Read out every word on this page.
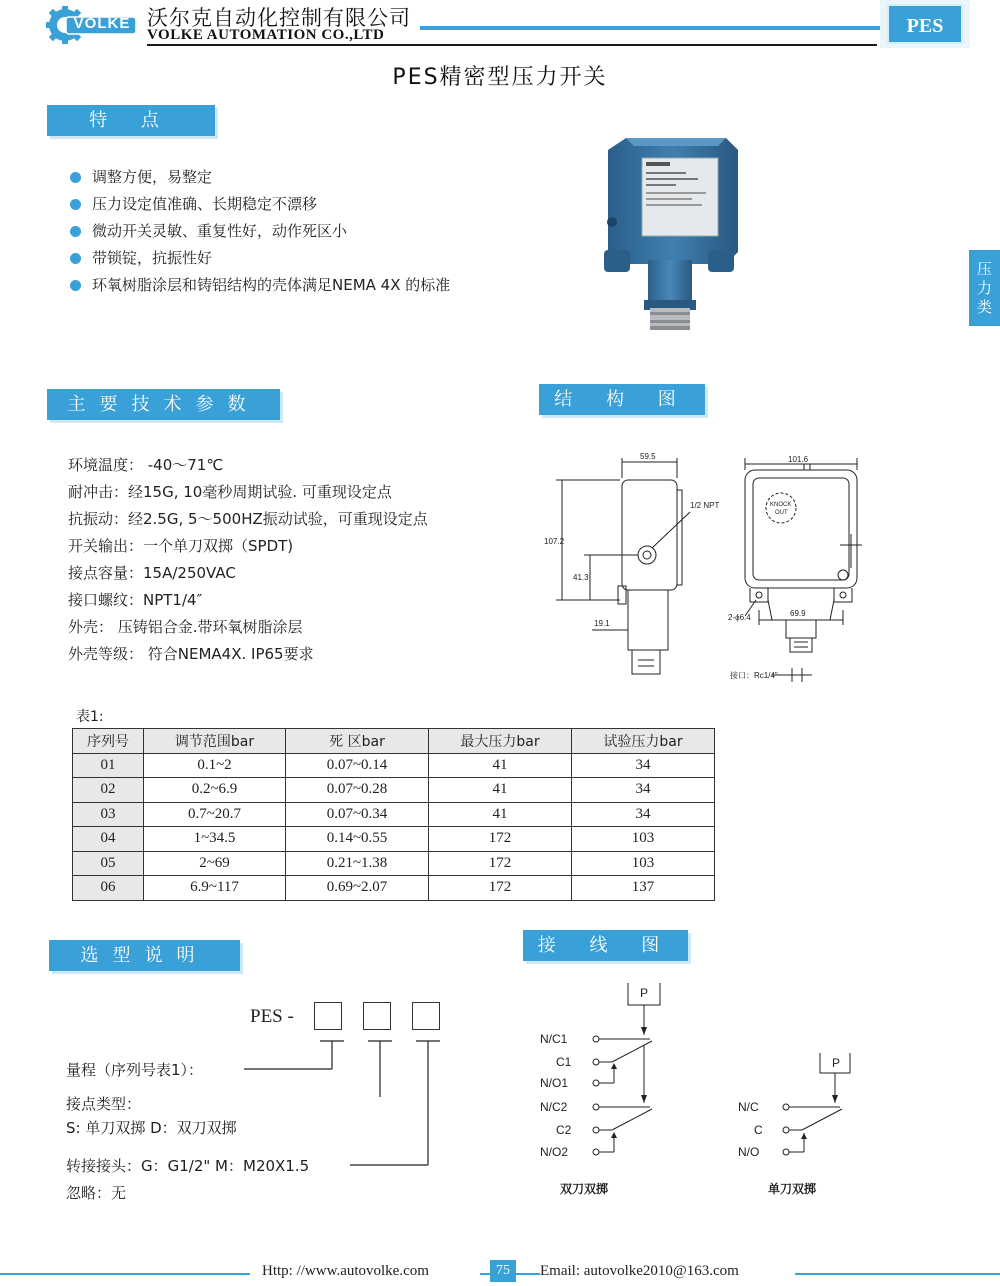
VOLKE 沃尔克自动化控制有限公司
VOLKE AUTOMATION CO.,LTD	PES
PES精密型压力开关
压
力
类
特 点
调整方便，易整定
压力设定值准确、长期稳定不漂移
微动开关灵敏、重复性好，动作死区小
带锁锭，抗振性好
环氧树脂涂层和铸铝结构的壳体满足NEMA 4X 的标准
主要技术参数
环境温度： -40～71℃
耐冲击：经15G, 10毫秒周期试验. 可重现设定点
抗振动：经2.5G, 5～500HZ振动试验，可重现设定点
开关输出：一个单刀双掷（SPDT)
接点容量：15A/250VAC
接口螺纹：NPT1/4″
外壳： 压铸铝合金.带环氧树脂涂层
外壳等级： 符合NEMA4X. IP65要求
结 构 图
59.5
107.2
41.3
19.1
1/2 NPT
101.6
KNOCK
OUT
2-ϕ6.4	69.9
接口：Rc1/4"
表1:
序列号	调节范围bar	死 区bar	最大压力bar	试验压力bar
01	0.1~2	0.07~0.14	41	34
02	0.2~6.9	0.07~0.28	41	34
03	0.7~20.7	0.07~0.34	41	34
04	1~34.5	0.14~0.55	172	103
05	2~69	0.21~1.38	172	103
06	6.9~117	0.69~2.07	172	137
选型说明
PES -
量程（序列号表1）：
接点类型：
S: 单刀双掷 D：双刀双掷
转接接头：G：G1/2" M：M20X1.5
忽略：无
接 线 图
P
N/C1
C1
N/O1
N/C2
C2
N/O2
P
N/C
C
N/O
双刀双掷	单刀双掷
Http: //www.autovolke.com	75	Email: autovolke2010@163.com
